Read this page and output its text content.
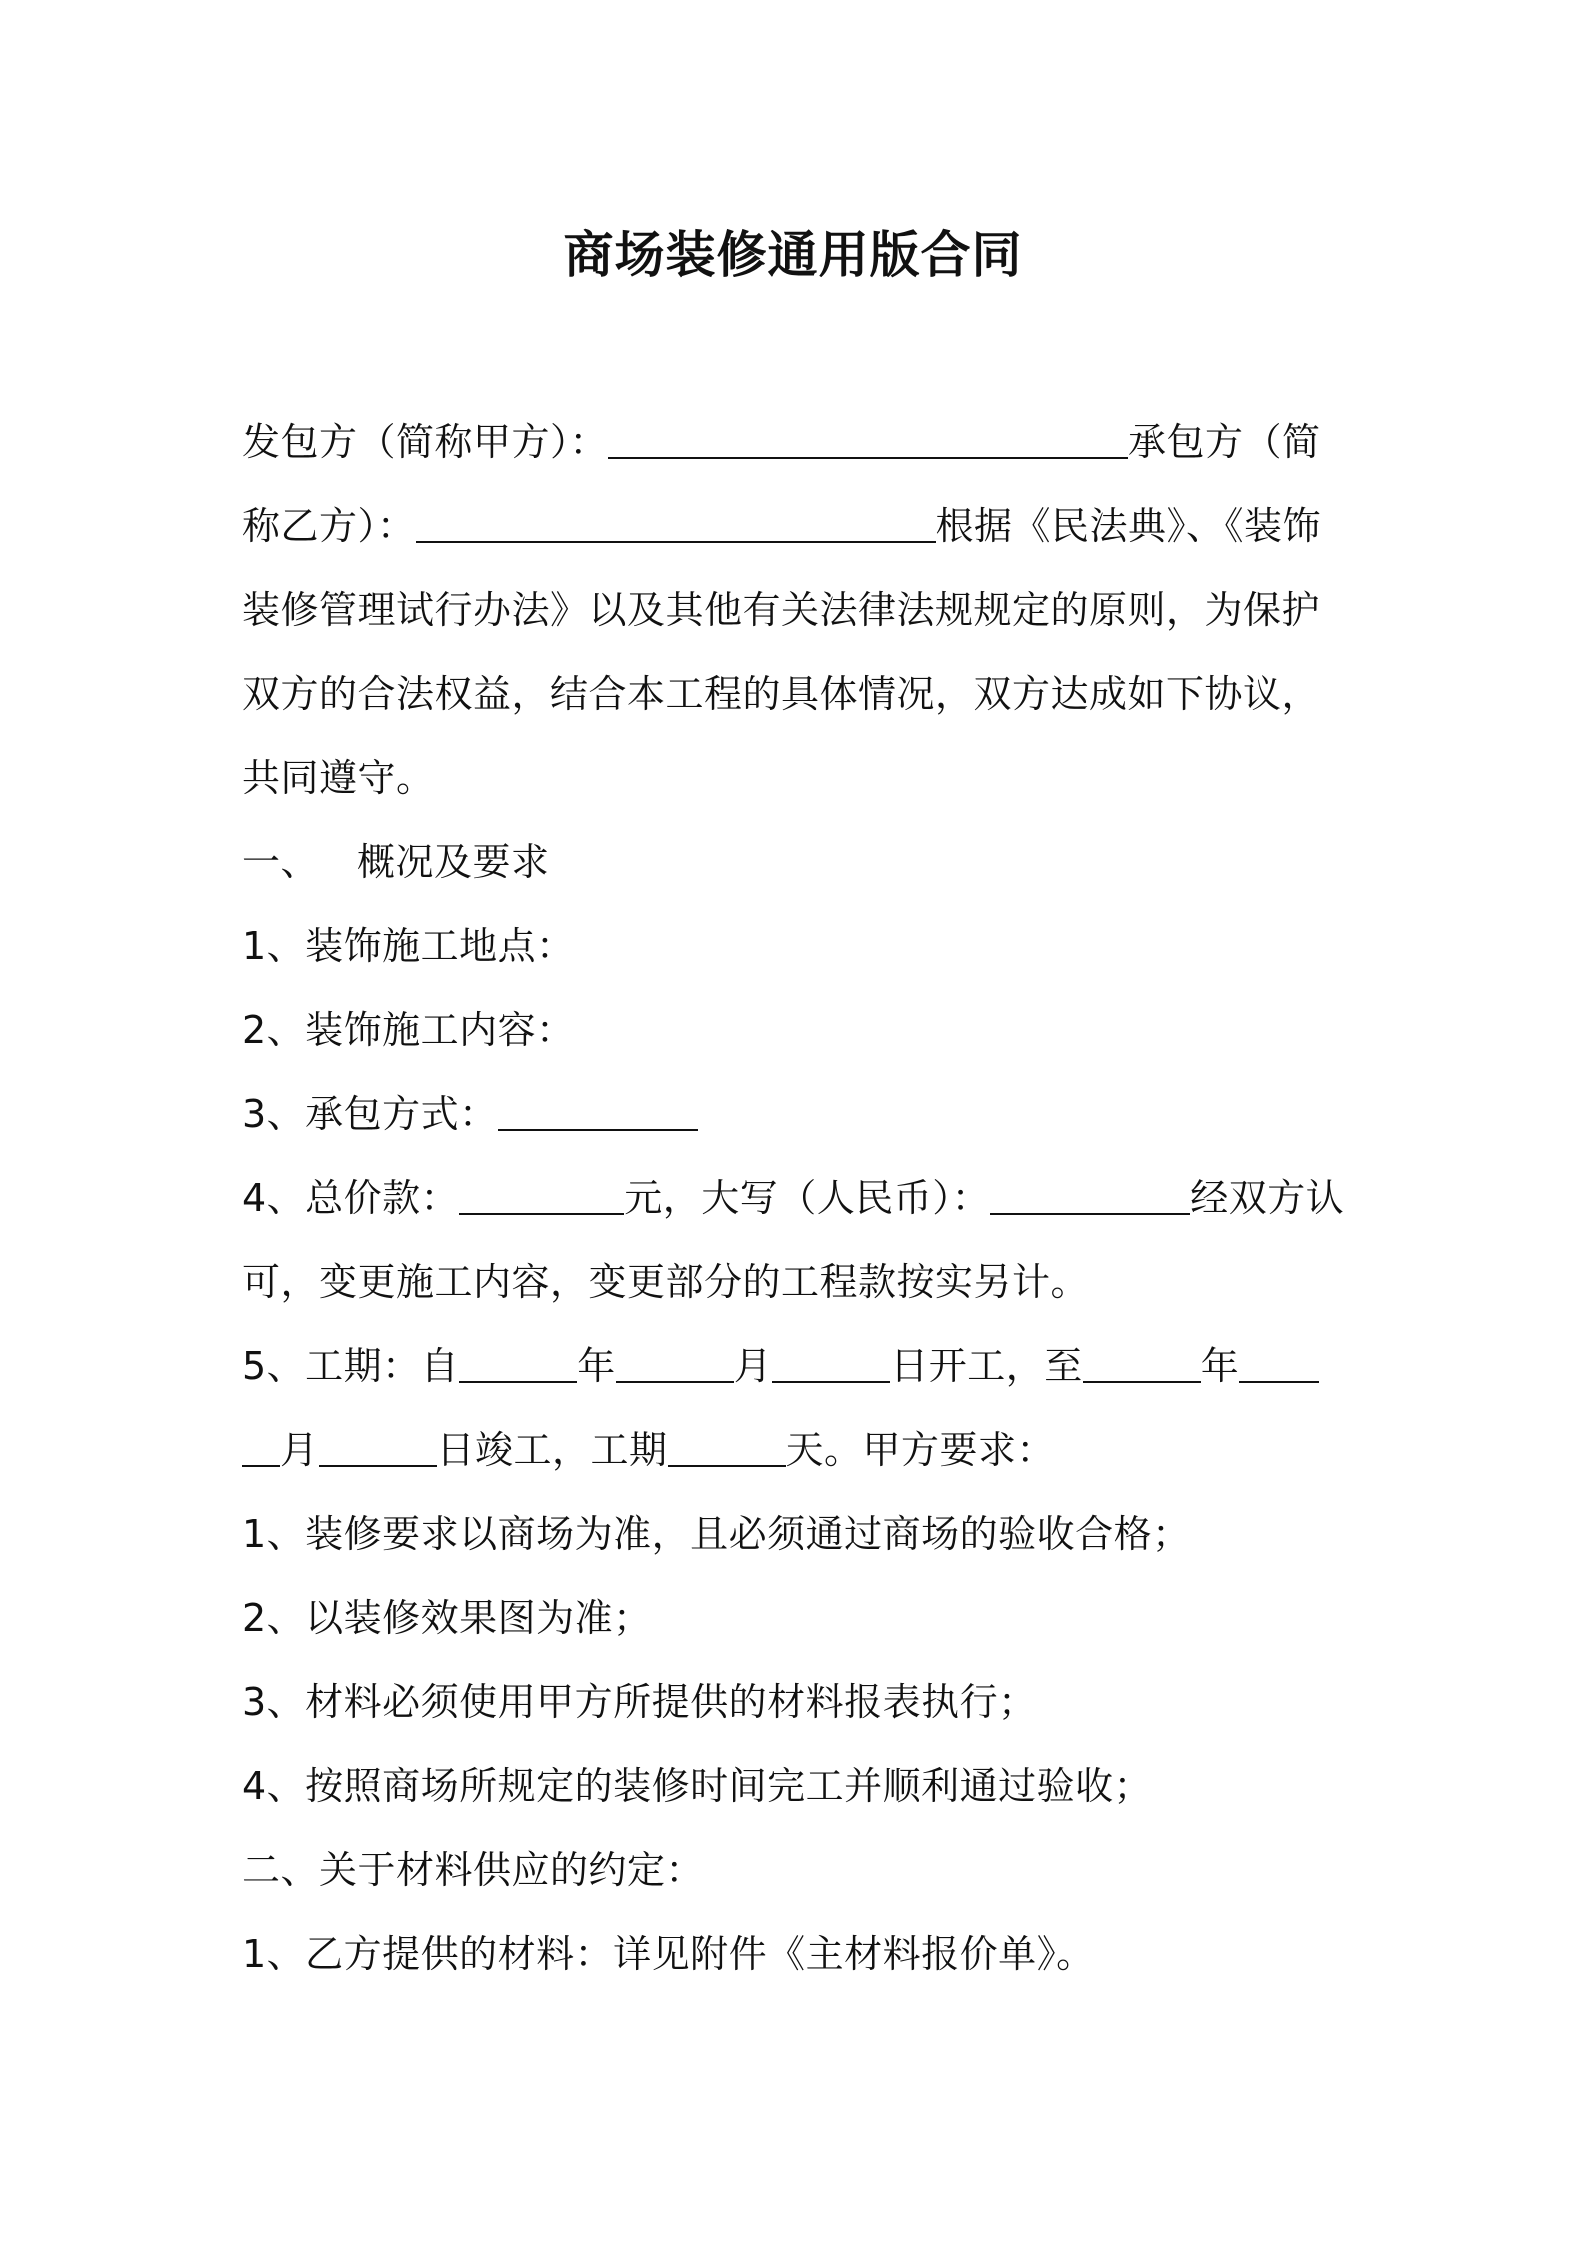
商场装修通用版合同
发包方（简称甲方）：	承包方（简
称乙方）：	根据《民法典》、《装饰
装修管理试行办法》以及其他有关法律法规规定的原则，为保护
双方的合法权益，结合本工程的具体情况，双方达成如下协议，
共同遵守。
一、 概况及要求
1、装饰施工地点：
2、装饰施工内容：
3、承包方式：
4、总价款：	元，大写（人民币）：	经双方认
可，变更施工内容，变更部分的工程款按实另计。
5、工期：自	年	月	日开工，至	年
月	日竣工，工期	天。甲方要求：
1、装修要求以商场为准，且必须通过商场的验收合格；
2、以装修效果图为准；
3、材料必须使用甲方所提供的材料报表执行；
4、按照商场所规定的装修时间完工并顺利通过验收；
二、关于材料供应的约定：
1、乙方提供的材料：详见附件《主材料报价单》。
